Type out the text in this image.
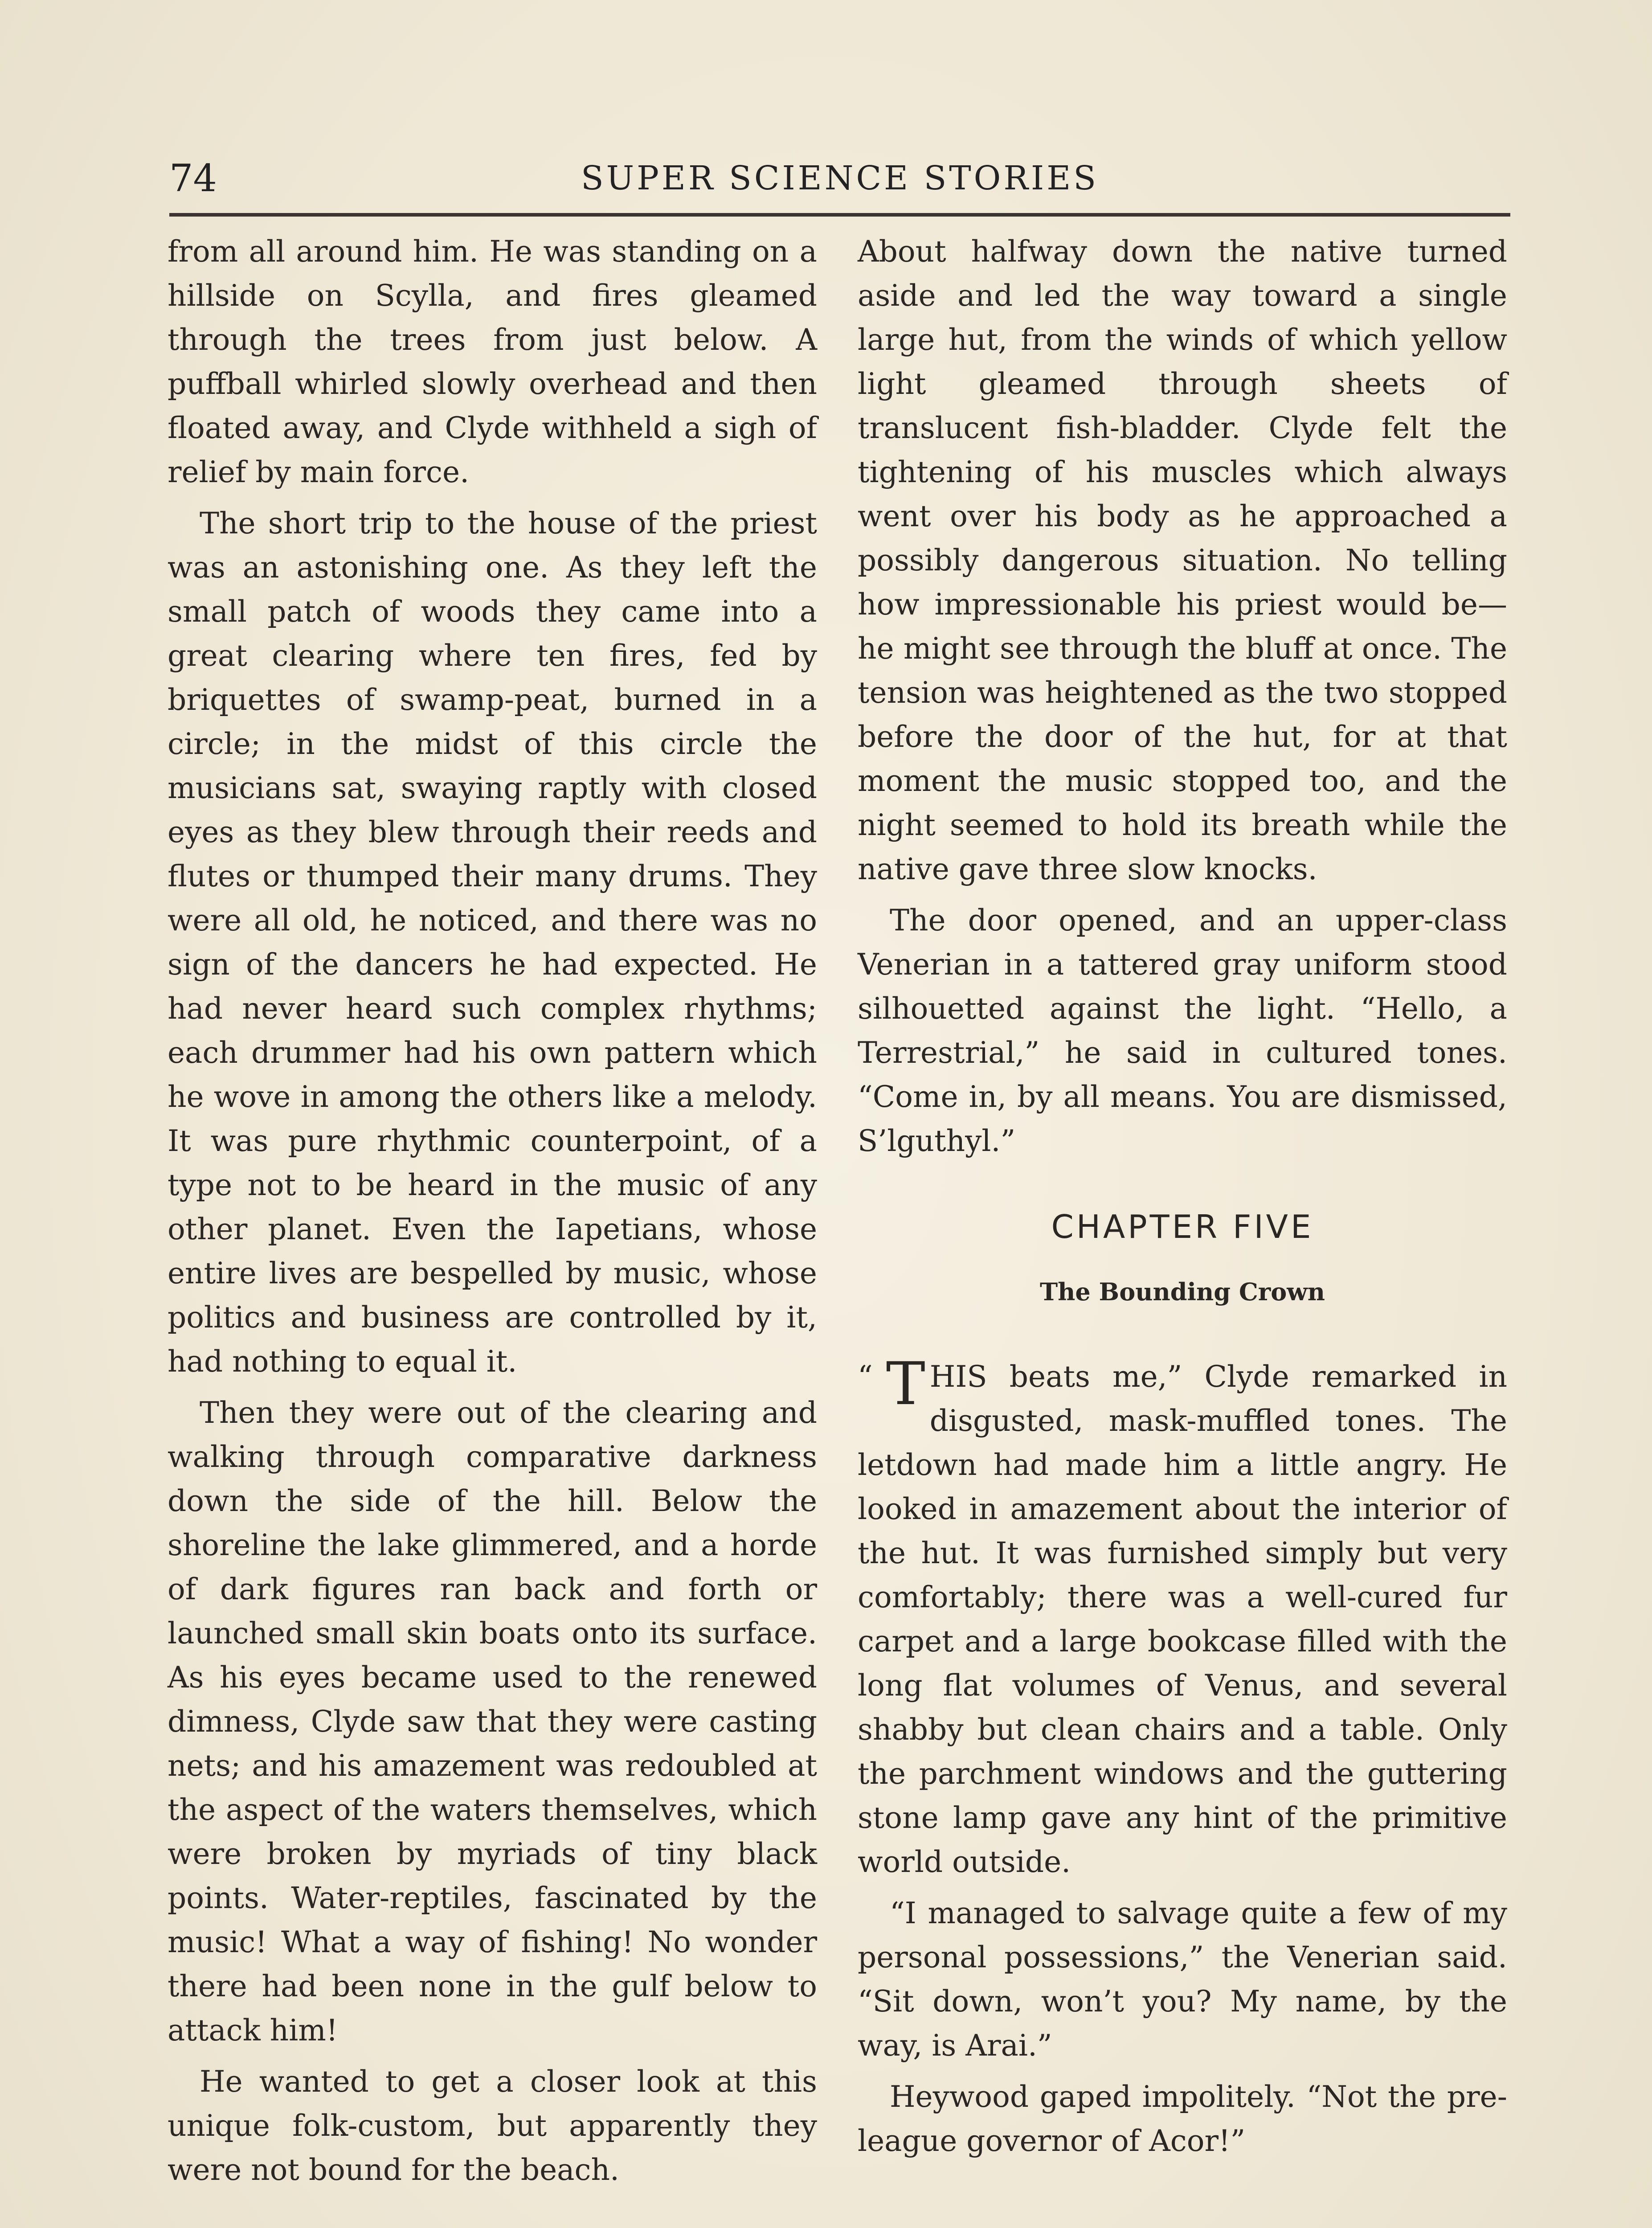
74	SUPER SCIENCE STORIES

from all around him. He was standing on a hillside on Scylla, and fires gleamed through the trees from just below. A puffball whirled slowly overhead and then floated away, and Clyde withheld a sigh of relief by main force.

The short trip to the house of the priest was an astonishing one. As they left the small patch of woods they came into a great clearing where ten fires, fed by briquettes of swamp-peat, burned in a circle; in the midst of this circle the musicians sat, swaying raptly with closed eyes as they blew through their reeds and flutes or thumped their many drums. They were all old, he noticed, and there was no sign of the dancers he had expected. He had never heard such complex rhythms; each drummer had his own pattern which he wove in among the others like a melody. It was pure rhythmic counterpoint, of a type not to be heard in the music of any other planet. Even the Iapetians, whose entire lives are bespelled by music, whose politics and business are controlled by it, had nothing to equal it.

Then they were out of the clearing and walking through comparative darkness down the side of the hill. Below the shoreline the lake glimmered, and a horde of dark figures ran back and forth or launched small skin boats onto its surface. As his eyes became used to the renewed dimness, Clyde saw that they were casting nets; and his amazement was redoubled at the aspect of the waters themselves, which were broken by myriads of tiny black points. Water-reptiles, fascinated by the music! What a way of fishing! No wonder there had been none in the gulf below to attack him!

He wanted to get a closer look at this unique folk-custom, but apparently they were not bound for the beach.

About halfway down the native turned aside and led the way toward a single large hut, from the winds of which yellow light gleamed through sheets of translucent fish-bladder. Clyde felt the tightening of his muscles which always went over his body as he approached a possibly dangerous situation. No telling how impressionable his priest would be—he might see through the bluff at once. The tension was heightened as the two stopped before the door of the hut, for at that moment the music stopped too, and the night seemed to hold its breath while the native gave three slow knocks.

The door opened, and an upper-class Venerian in a tattered gray uniform stood silhouetted against the light. “Hello, a Terrestrial,” he said in cultured tones. “Come in, by all means. You are dismissed, S’lguthyl.”

CHAPTER FIVE
The Bounding Crown

“ T HIS beats me,” Clyde remarked in disgusted, mask-muffled tones. The letdown had made him a little angry. He looked in amazement about the interior of the hut. It was furnished simply but very comfortably; there was a well-cured fur carpet and a large bookcase filled with the long flat volumes of Venus, and several shabby but clean chairs and a table. Only the parchment windows and the guttering stone lamp gave any hint of the primitive world outside.

“I managed to salvage quite a few of my personal possessions,” the Venerian said. “Sit down, won’t you? My name, by the way, is Arai.”

Heywood gaped impolitely. “Not the pre-league governor of Acor!”
